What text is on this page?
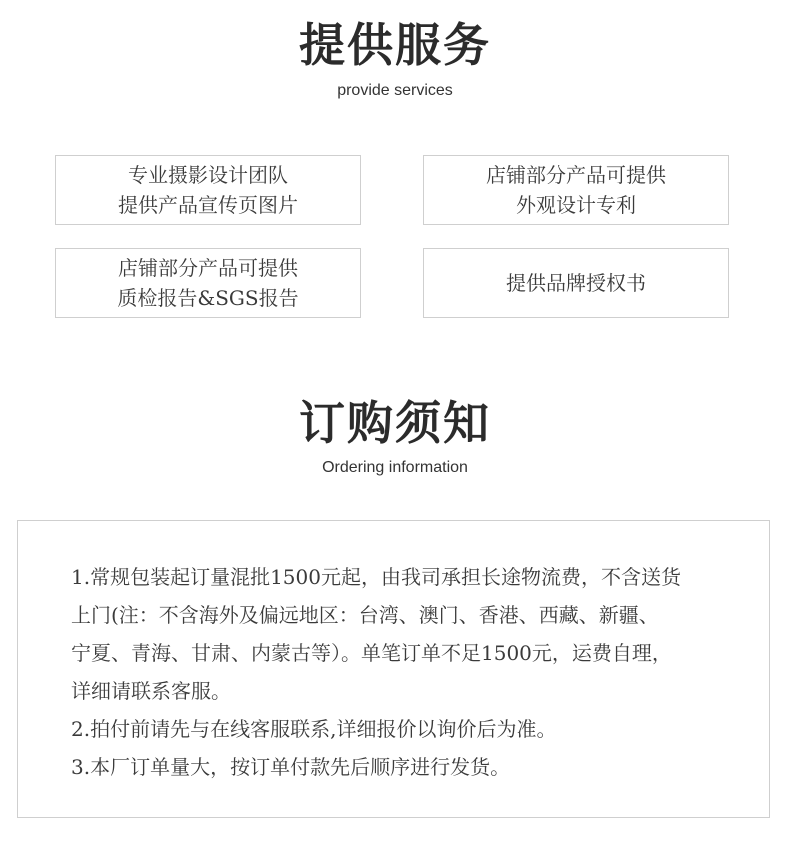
提供服务
provide services
专业摄影设计团队
提供产品宣传页图片
店铺部分产品可提供
外观设计专利
店铺部分产品可提供
质检报告&SGS报告
提供品牌授权书
订购须知
Ordering information

1.常规包装起订量混批1500元起，由我司承担长途物流费，不含送货

上门(注：不含海外及偏远地区：台湾、澳门、香港、西藏、新疆、

宁夏、青海、甘肃、内蒙古等）。单笔订单不足1500元，运费自理，

详细请联系客服。

2.拍付前请先与在线客服联系,详细报价以询价后为准。

3.本厂订单量大，按订单付款先后顺序进行发货。
